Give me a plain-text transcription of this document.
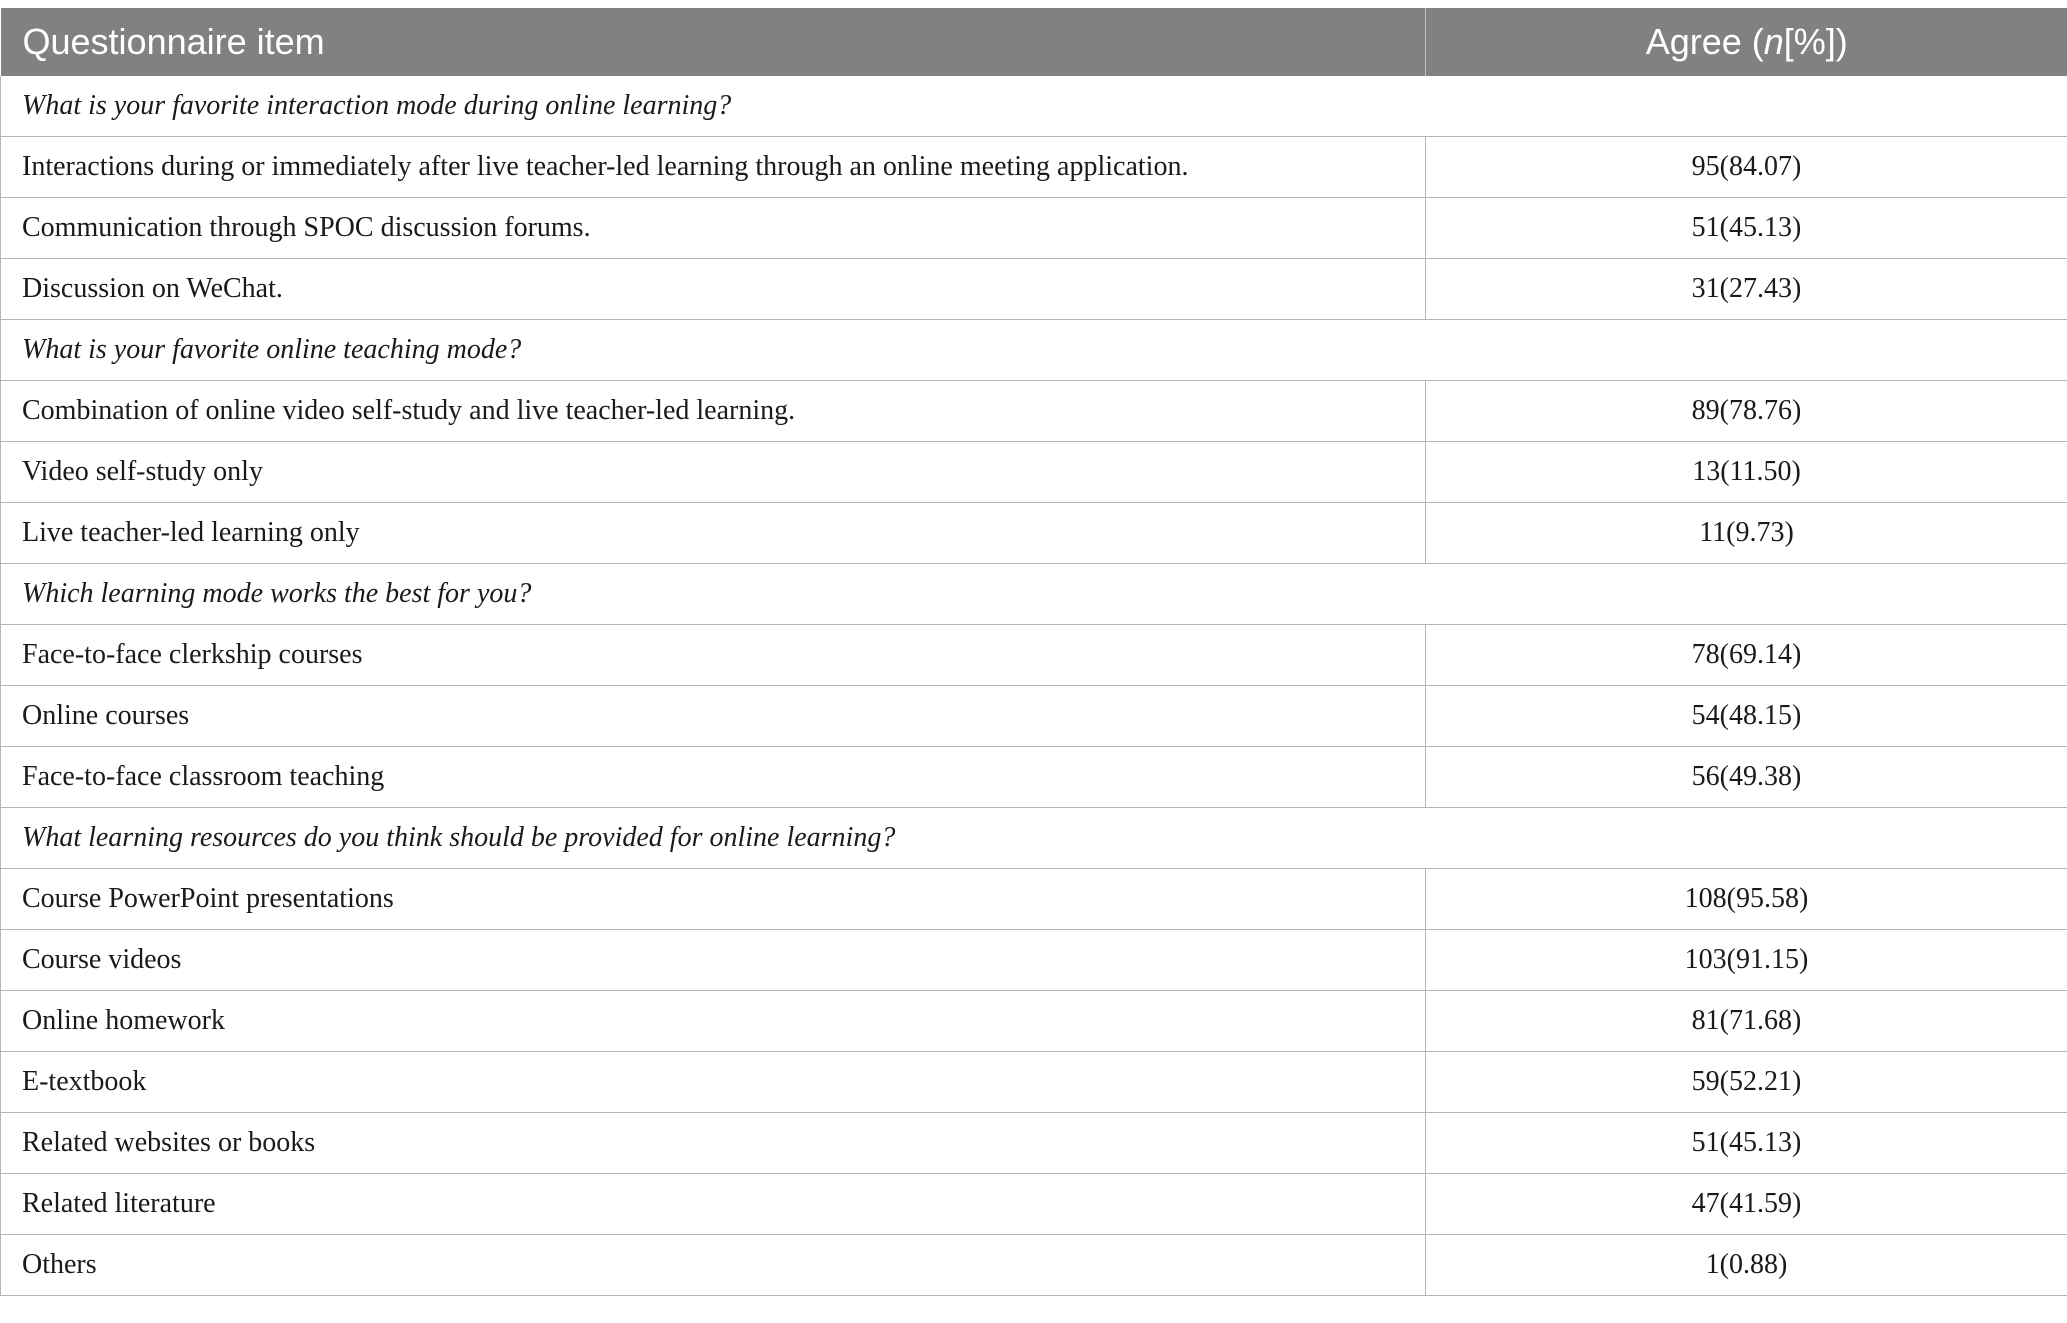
Questionnaire item	Agree (n[%])
What is your favorite interaction mode during online learning?	
Interactions during or immediately after live teacher-led learning through an online meeting application.	95(84.07)
Communication through SPOC discussion forums.	51(45.13)
Discussion on WeChat.	31(27.43)
What is your favorite online teaching mode?	
Combination of online video self-study and live teacher-led learning.	89(78.76)
Video self-study only	13(11.50)
Live teacher-led learning only	11(9.73)
Which learning mode works the best for you?	
Face-to-face clerkship courses	78(69.14)
Online courses	54(48.15)
Face-to-face classroom teaching	56(49.38)
What learning resources do you think should be provided for online learning?	
Course PowerPoint presentations	108(95.58)
Course videos	103(91.15)
Online homework	81(71.68)
E-textbook	59(52.21)
Related websites or books	51(45.13)
Related literature	47(41.59)
Others	1(0.88)
